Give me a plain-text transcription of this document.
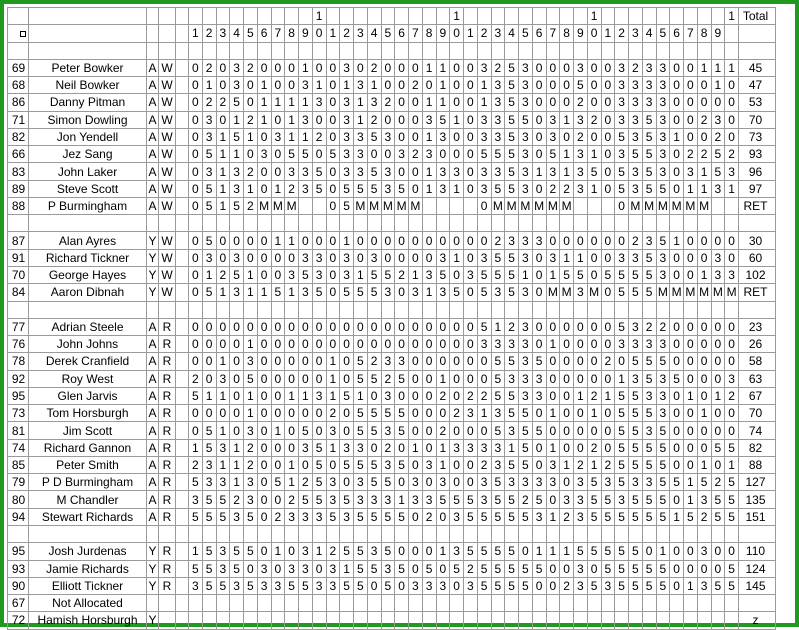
														1										1										1										1	Total
					1	2	3	4	5	6	7	8	9	0	1	2	3	4	5	6	7	8	9	0	1	2	3	4	5	6	7	8	9	0	1	2	3	4	5	6	7	8	9		

69	Peter Bowker	A	W		0	2	0	3	2	0	0	0	1	0	0	3	0	2	0	0	0	1	1	0	0	3	2	5	3	0	0	0	3	0	0	3	2	3	3	0	0	1	1	1	45
68	Neil Bowker	A	W		0	1	0	3	0	1	0	0	3	1	0	1	3	1	0	0	2	0	1	0	0	1	3	5	3	0	0	0	5	0	0	3	3	3	3	0	0	0	1	0	47
86	Danny Pitman	A	W		0	2	2	5	0	1	1	1	1	3	0	3	1	3	2	0	0	1	1	0	0	1	3	5	3	0	0	0	2	0	0	3	3	3	3	0	0	0	0	0	53
71	Simon Dowling	A	W		0	3	0	1	2	1	0	1	3	0	0	3	1	2	0	0	0	3	5	1	0	3	3	5	5	0	3	1	3	2	0	3	3	5	3	0	0	2	3	0	70
82	Jon Yendell	A	W		0	3	1	5	1	0	3	1	1	2	0	3	3	5	3	0	0	1	3	0	0	3	3	5	3	0	3	0	2	0	0	5	3	5	3	1	0	0	2	0	73
66	Jez Sang	A	W		0	5	1	1	0	3	0	5	5	0	5	3	3	0	0	3	2	3	0	0	0	5	5	5	3	0	5	1	3	1	0	3	5	5	3	0	2	2	5	2	93
83	John Laker	A	W		0	3	1	3	2	0	0	3	3	5	0	3	3	5	3	0	0	1	3	3	0	3	3	5	3	1	3	1	3	5	0	5	3	5	3	0	3	1	5	3	96
89	Steve Scott	A	W		0	5	1	3	1	0	1	2	3	5	0	5	5	5	3	5	0	1	3	1	0	3	5	5	3	0	2	2	3	1	0	5	3	5	5	0	1	1	3	1	97
88	P Burmingham	A	W		0	5	1	5	2	M	M	M			0	5	M	M	M	M	M					0	M	M	M	M	M	M				0	M	M	M	M	M	M			RET

87	Alan Ayres	Y	W		0	5	0	0	0	0	1	1	0	0	0	1	0	0	0	0	0	0	0	0	0	0	2	3	3	3	0	0	0	0	0	0	2	3	5	1	0	0	0	0	30
91	Richard Tickner	Y	W		0	3	0	3	0	0	0	0	3	3	0	3	0	3	0	0	0	0	3	1	0	3	5	5	3	0	3	1	1	0	0	3	3	5	3	0	0	0	3	0	60
70	George Hayes	Y	W		0	1	2	5	1	0	0	3	5	3	0	3	1	5	5	2	1	3	5	0	3	5	5	5	1	0	1	5	5	0	5	5	5	5	3	0	0	1	3	3	102
84	Aaron Dibnah	Y	W		0	5	1	3	1	1	5	1	3	5	0	5	5	5	3	0	3	1	3	5	0	5	3	5	3	0	M	M	3	M	0	5	5	5	M	M	M	M	M	M	RET

77	Adrian Steele	A	R		0	0	0	0	0	0	0	0	0	0	0	0	0	0	0	0	0	0	0	0	0	5	1	2	3	0	0	0	0	0	0	5	3	2	2	0	0	0	0	0	23
76	John Johns	A	R		0	0	0	0	1	0	0	0	0	0	0	0	0	0	0	0	0	0	0	0	0	3	3	3	3	0	1	0	0	0	0	3	3	3	3	0	0	0	0	0	26
78	Derek Cranfield	A	R		0	0	1	0	3	0	0	0	0	0	1	0	5	2	3	3	0	0	0	0	0	0	5	5	3	5	0	0	0	0	2	0	5	5	5	0	0	0	0	0	58
92	Roy West	A	R		2	0	3	0	5	0	0	0	0	0	1	0	5	5	2	5	0	0	1	0	0	0	5	3	3	3	0	0	0	0	0	1	3	5	3	5	0	0	0	3	63
95	Glen Jarvis	A	R		5	1	1	0	1	0	0	1	1	3	1	5	1	0	3	0	0	0	2	0	2	2	5	5	3	3	0	0	1	2	1	5	5	3	3	0	1	0	1	2	67
73	Tom Horsburgh	A	R		0	0	0	0	1	0	0	0	0	0	2	0	5	5	5	5	0	0	0	2	3	1	3	5	5	0	1	0	0	1	0	5	5	5	3	0	0	1	0	0	70
81	Jim Scott	A	R		0	5	1	0	3	0	1	0	5	0	3	0	5	5	3	5	0	0	2	0	0	0	5	3	5	5	0	0	0	0	0	5	5	3	5	0	0	0	0	0	74
74	Richard Gannon	A	R		1	5	3	1	2	0	0	0	3	5	1	3	3	0	2	0	1	0	1	3	3	3	3	1	5	0	1	0	0	2	0	5	5	5	5	0	0	0	5	5	82
85	Peter Smith	A	R		2	3	1	1	2	0	0	1	0	5	0	5	5	5	3	5	0	3	1	0	0	2	3	5	5	0	3	1	2	1	2	5	5	5	5	0	0	1	0	1	88
79	P D Burmingham	A	R		5	3	3	1	3	0	5	1	2	5	3	0	3	5	5	0	3	0	3	0	0	3	5	3	3	3	3	0	3	5	3	5	3	3	5	5	1	5	2	5	127
80	M Chandler	A	R		3	5	5	2	3	0	0	2	5	5	3	5	3	3	3	1	3	3	5	5	5	3	5	5	2	5	0	3	3	5	5	3	5	5	5	0	1	3	5	5	135
94	Stewart Richards	A	R		5	5	5	3	5	0	2	3	3	3	5	3	5	5	5	5	0	2	0	3	5	5	5	5	5	3	1	2	3	5	5	5	5	5	5	1	5	2	5	5	151

95	Josh Jurdenas	Y	R		1	5	3	5	5	0	1	0	3	1	2	5	5	3	5	0	0	0	1	3	5	5	5	5	0	1	1	1	5	5	5	5	5	0	1	0	0	3	0	0	110
93	Jamie Richards	Y	R		5	5	3	5	0	3	0	3	3	0	3	1	5	5	3	5	0	5	0	5	2	5	5	5	5	5	0	0	3	0	5	5	5	5	5	0	0	0	0	5	124
90	Elliott Tickner	Y	R		3	5	5	3	5	3	3	5	5	3	3	5	5	0	5	0	3	3	3	0	3	5	5	5	5	0	0	2	3	5	3	5	5	5	5	0	1	3	5	5	145
67	Not Allocated																																												
72	Hamish Horsburgh	Y																																											z
